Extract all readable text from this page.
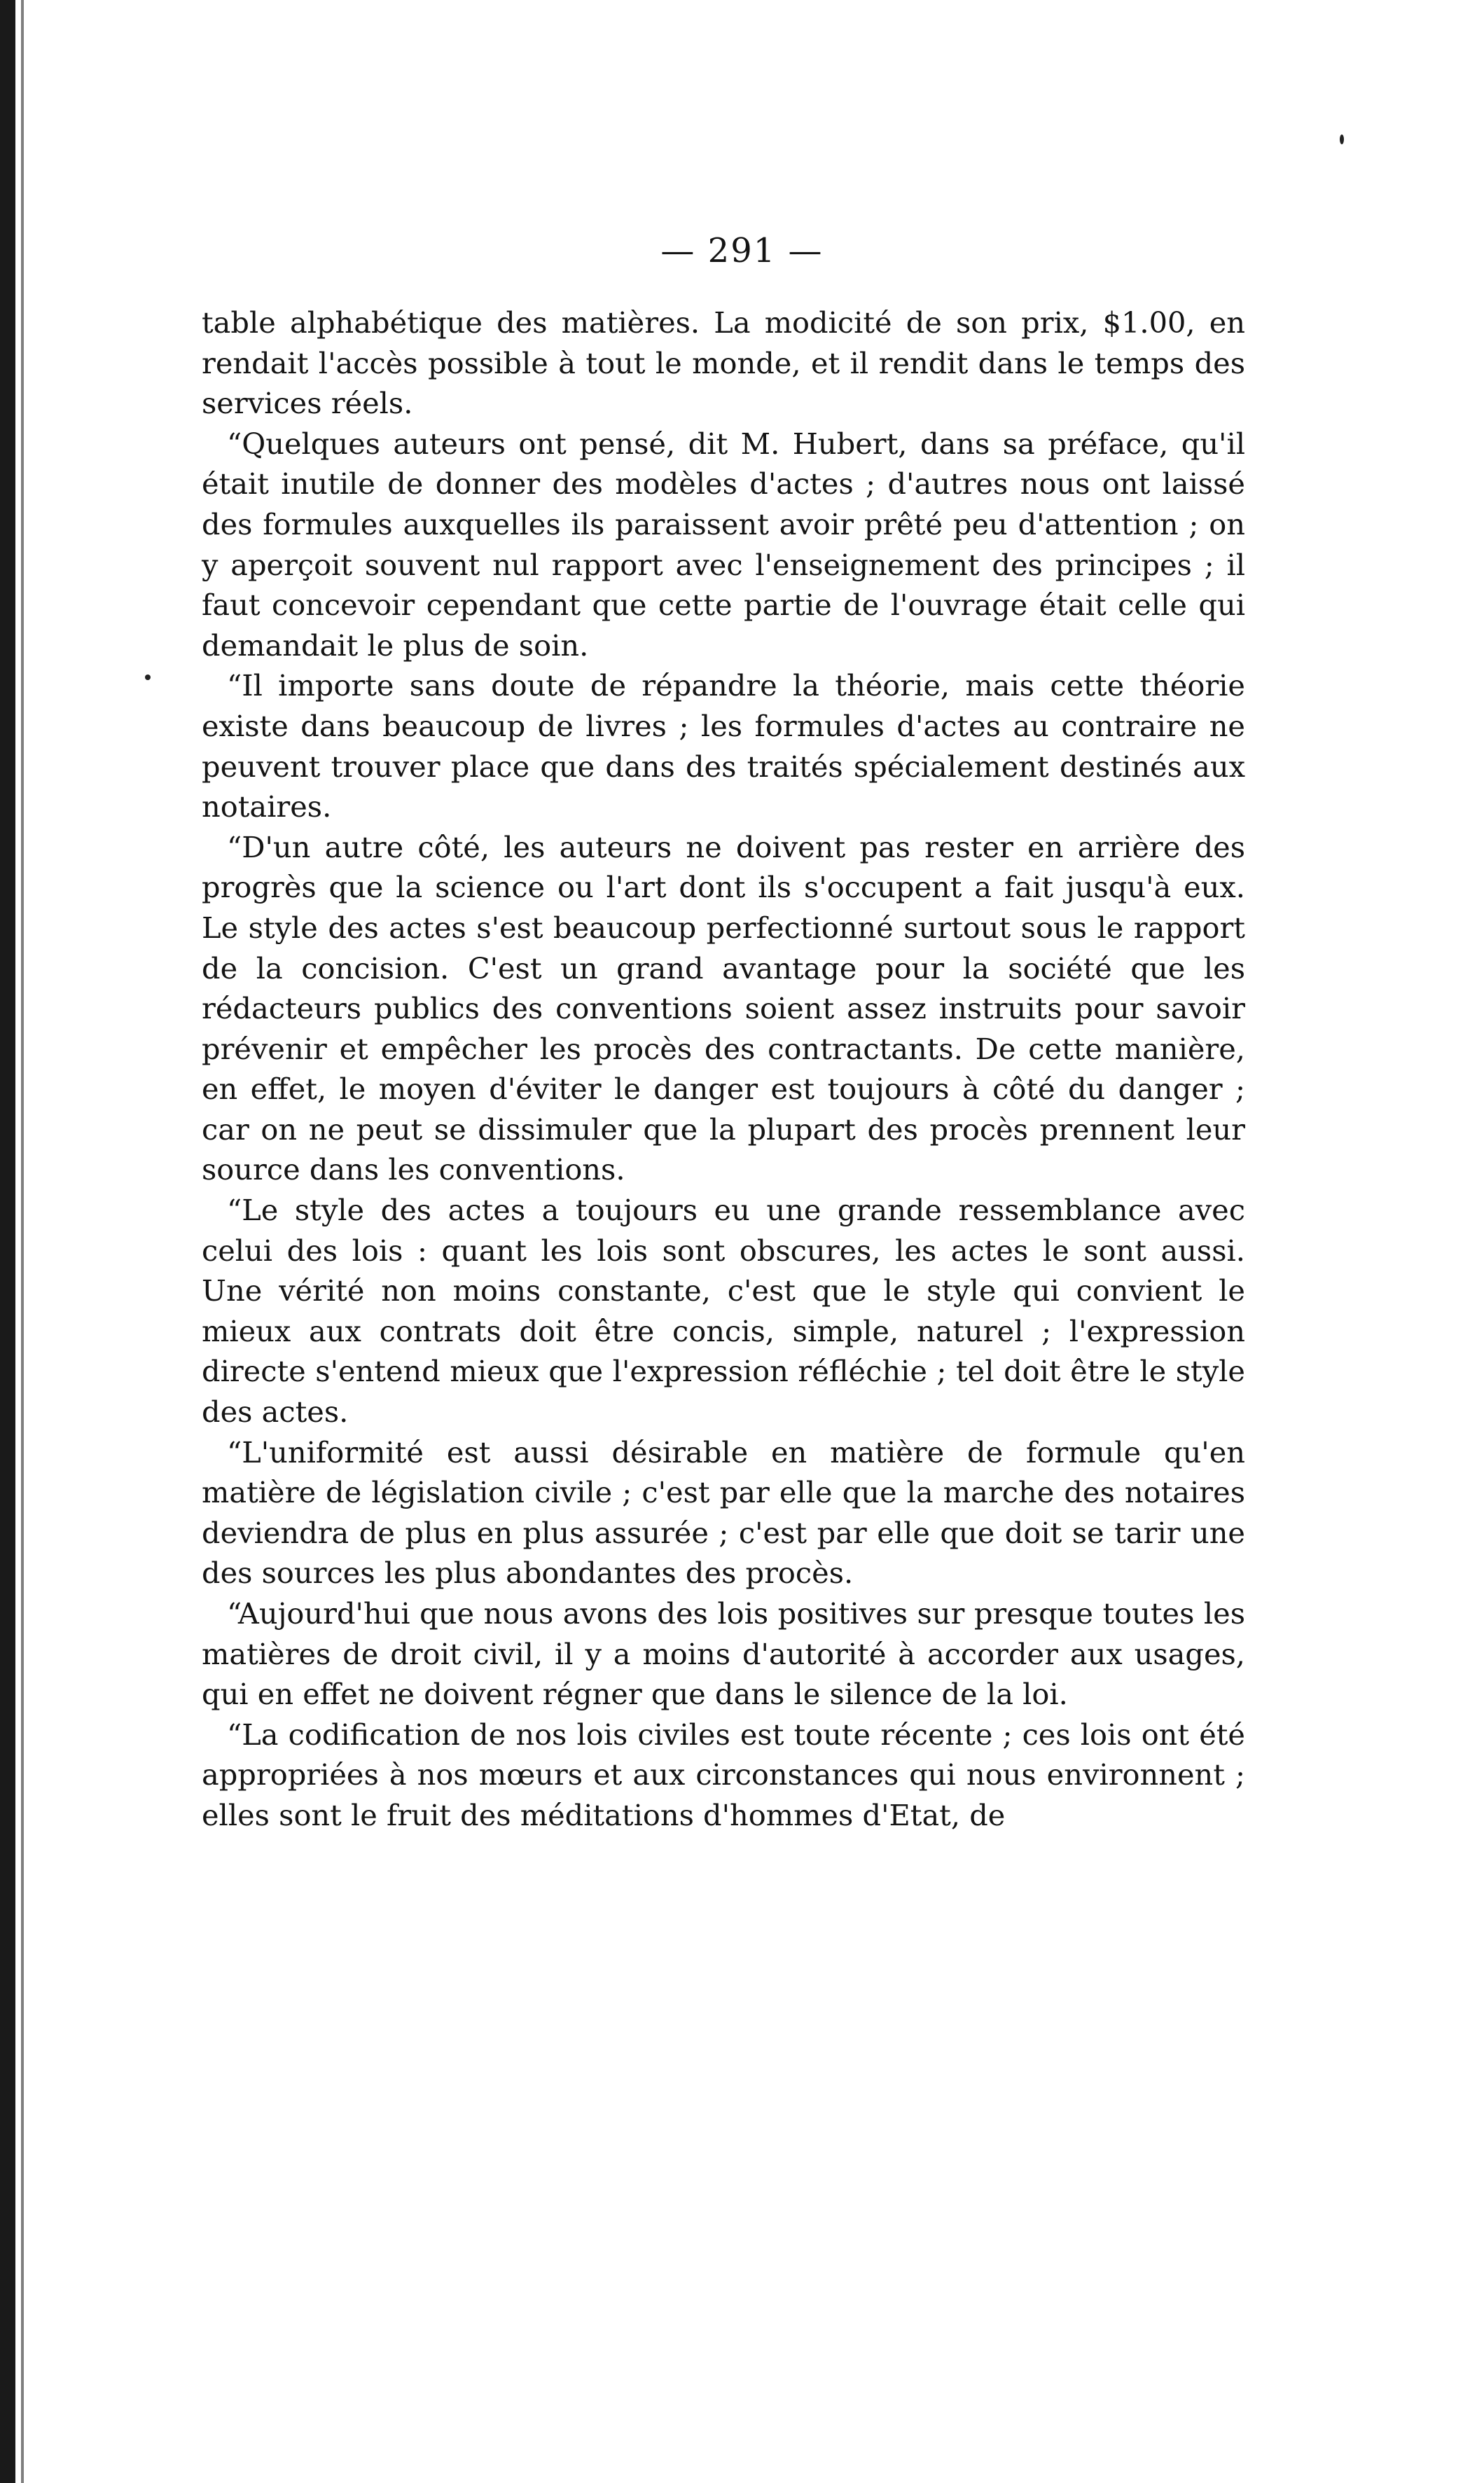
— 291 —

table alphabétique des matières. La modicité de son prix, $1.00, en rendait l'accès possible à tout le monde, et il rendit dans le temps des services réels.

“Quelques auteurs ont pensé, dit M. Hubert, dans sa préface, qu'il était inutile de donner des modèles d'actes ; d'autres nous ont laissé des formules auxquelles ils paraissent avoir prêté peu d'attention ; on y aperçoit souvent nul rapport avec l'enseignement des principes ; il faut concevoir cependant que cette partie de l'ouvrage était celle qui demandait le plus de soin.

“Il importe sans doute de répandre la théorie, mais cette théorie existe dans beaucoup de livres ; les formules d'actes au contraire ne peuvent trouver place que dans des traités spécialement destinés aux notaires.

“D'un autre côté, les auteurs ne doivent pas rester en arrière des progrès que la science ou l'art dont ils s'occupent a fait jusqu'à eux. Le style des actes s'est beaucoup perfectionné surtout sous le rapport de la concision. C'est un grand avantage pour la société que les rédacteurs publics des conventions soient assez instruits pour savoir prévenir et empêcher les procès des contractants. De cette manière, en effet, le moyen d'éviter le danger est toujours à côté du danger ; car on ne peut se dissimuler que la plupart des procès prennent leur source dans les conventions.

“Le style des actes a toujours eu une grande ressemblance avec celui des lois : quant les lois sont obscures, les actes le sont aussi. Une vérité non moins constante, c'est que le style qui convient le mieux aux contrats doit être concis, simple, naturel ; l'expression directe s'entend mieux que l'expression réfléchie ; tel doit être le style des actes.

“L'uniformité est aussi désirable en matière de formule qu'en matière de législation civile ; c'est par elle que la marche des notaires deviendra de plus en plus assurée ; c'est par elle que doit se tarir une des sources les plus abondantes des procès.

“Aujourd'hui que nous avons des lois positives sur presque toutes les matières de droit civil, il y a moins d'autorité à accorder aux usages, qui en effet ne doivent régner que dans le silence de la loi.

“La codification de nos lois civiles est toute récente ; ces lois ont été appropriées à nos mœurs et aux circonstances qui nous environnent ; elles sont le fruit des méditations d'hommes d'Etat, de
